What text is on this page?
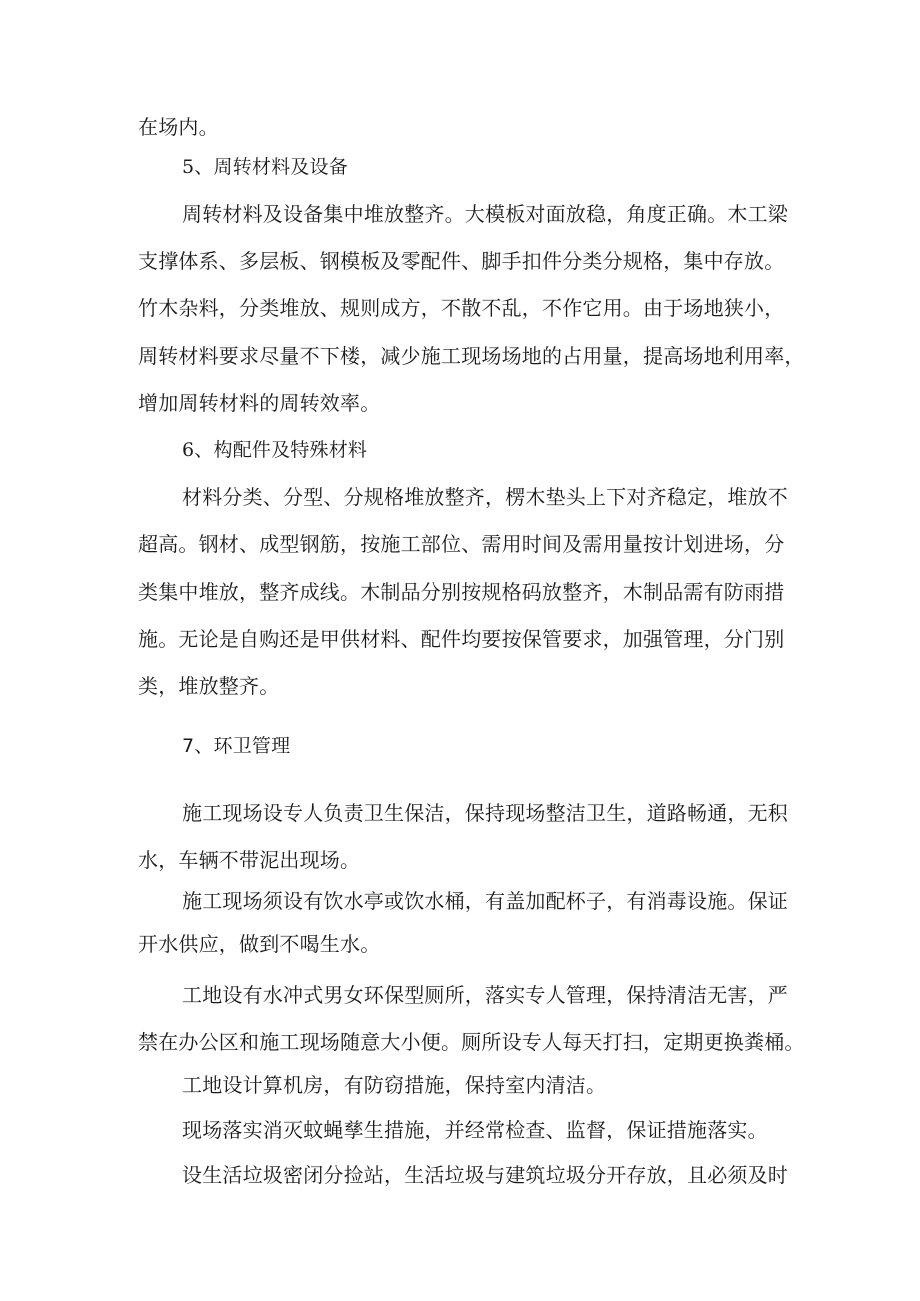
在场内。
5、周转材料及设备
周转材料及设备集中堆放整齐。大模板对面放稳，角度正确。木工梁
支撑体系、多层板、钢模板及零配件、脚手扣件分类分规格，集中存放。
竹木杂料，分类堆放、规则成方，不散不乱，不作它用。由于场地狭小，
周转材料要求尽量不下楼，减少施工现场场地的占用量，提高场地利用率，
增加周转材料的周转效率。
6、构配件及特殊材料
材料分类、分型、分规格堆放整齐，楞木垫头上下对齐稳定，堆放不
超高。钢材、成型钢筋，按施工部位、需用时间及需用量按计划进场，分
类集中堆放，整齐成线。木制品分别按规格码放整齐，木制品需有防雨措
施。无论是自购还是甲供材料、配件均要按保管要求，加强管理，分门别
类，堆放整齐。
7、环卫管理
施工现场设专人负责卫生保洁，保持现场整洁卫生，道路畅通，无积
水，车辆不带泥出现场。
施工现场须设有饮水亭或饮水桶，有盖加配杯子，有消毒设施。保证
开水供应，做到不喝生水。
工地设有水冲式男女环保型厕所，落实专人管理，保持清洁无害，严
禁在办公区和施工现场随意大小便。厕所设专人每天打扫，定期更换粪桶。
工地设计算机房，有防窃措施，保持室内清洁。
现场落实消灭蚊蝇孳生措施，并经常检查、监督，保证措施落实。
设生活垃圾密闭分捡站，生活垃圾与建筑垃圾分开存放，且必须及时
